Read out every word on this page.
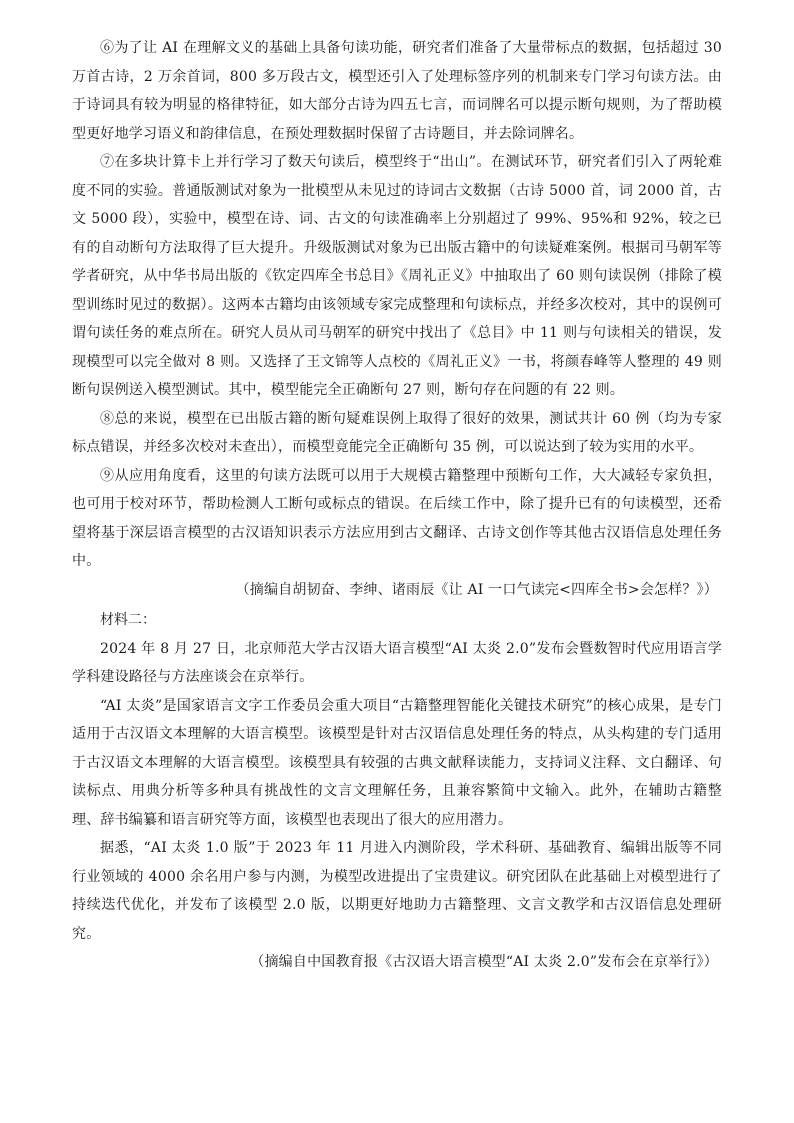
⑥为了让 AI 在理解文义的基础上具备句读功能，研究者们准备了大量带标点的数据，包括超过 30 万首古诗，2 万余首词，800 多万段古文，模型还引入了处理标签序列的机制来专门学习句读方法。由于诗词具有较为明显的格律特征，如大部分古诗为四五七言，而词牌名可以提示断句规则，为了帮助模型更好地学习语义和韵律信息，在预处理数据时保留了古诗题目，并去除词牌名。

⑦在多块计算卡上并行学习了数天句读后，模型终于“出山”。在测试环节，研究者们引入了两轮难度不同的实验。普通版测试对象为一批模型从未见过的诗词古文数据（古诗 5000 首，词 2000 首，古文 5000 段），实验中，模型在诗、词、古文的句读准确率上分别超过了 99%、95%和 92%，较之已有的自动断句方法取得了巨大提升。升级版测试对象为已出版古籍中的句读疑难案例。根据司马朝军等学者研究，从中华书局出版的《钦定四库全书总目》《周礼正义》中抽取出了 60 则句读误例（排除了模型训练时见过的数据）。这两本古籍均由该领域专家完成整理和句读标点，并经多次校对，其中的误例可谓句读任务的难点所在。研究人员从司马朝军的研究中找出了《总目》中 11 则与句读相关的错误，发现模型可以完全做对 8 则。又选择了王文锦等人点校的《周礼正义》一书，将颜春峰等人整理的 49 则断句误例送入模型测试。其中，模型能完全正确断句 27 则，断句存在问题的有 22 则。

⑧总的来说，模型在已出版古籍的断句疑难误例上取得了很好的效果，测试共计 60 例（均为专家标点错误，并经多次校对未查出），而模型竟能完全正确断句 35 例，可以说达到了较为实用的水平。

⑨从应用角度看，这里的句读方法既可以用于大规模古籍整理中预断句工作，大大减轻专家负担，也可用于校对环节，帮助检测人工断句或标点的错误。在后续工作中，除了提升已有的句读模型，还希望将基于深层语言模型的古汉语知识表示方法应用到古文翻译、古诗文创作等其他古汉语信息处理任务中。

（摘编自胡韧奋、李绅、诸雨辰《让 AI 一口气读完<四库全书>会怎样？》）

材料二：

2024 年 8 月 27 日，北京师范大学古汉语大语言模型“AI 太炎 2.0”发布会暨数智时代应用语言学学科建设路径与方法座谈会在京举行。

“AI 太炎”是国家语言文字工作委员会重大项目“古籍整理智能化关键技术研究”的核心成果，是专门适用于古汉语文本理解的大语言模型。该模型是针对古汉语信息处理任务的特点，从头构建的专门适用于古汉语文本理解的大语言模型。该模型具有较强的古典文献释读能力，支持词义注释、文白翻译、句读标点、用典分析等多种具有挑战性的文言文理解任务，且兼容繁简中文输入。此外，在辅助古籍整理、辞书编纂和语言研究等方面，该模型也表现出了很大的应用潜力。

据悉，“AI 太炎 1.0 版”于 2023 年 11 月进入内测阶段，学术科研、基础教育、编辑出版等不同行业领域的 4000 余名用户参与内测，为模型改进提出了宝贵建议。研究团队在此基础上对模型进行了持续迭代优化，并发布了该模型 2.0 版，以期更好地助力古籍整理、文言文教学和古汉语信息处理研究。

（摘编自中国教育报《古汉语大语言模型“AI 太炎 2.0”发布会在京举行》）
